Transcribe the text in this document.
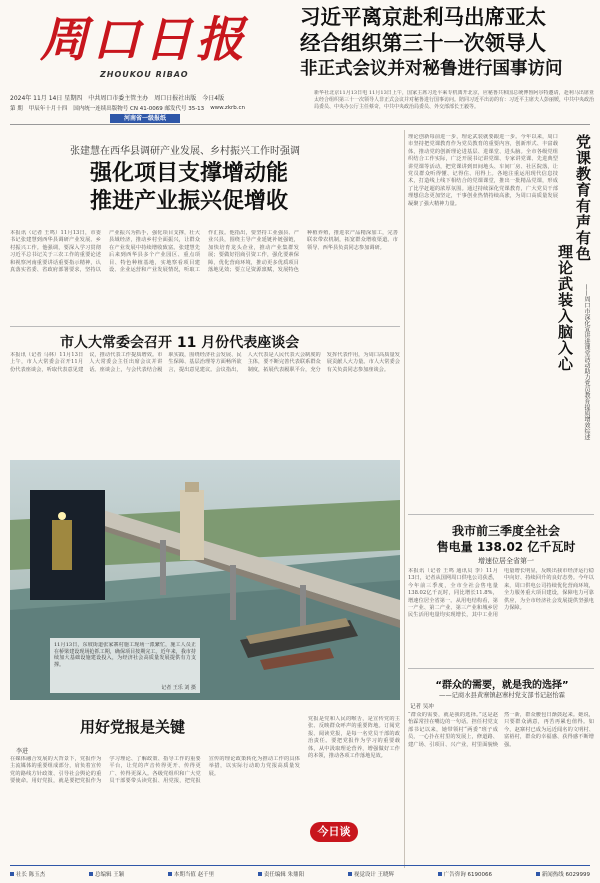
周口日报
ZHOUKOU RIBAO
2024年 11月 14日 星期四 中共周口市委主管主办 周口日报社出版 今日4版
第 期 甲辰年十月十四 国内统一连续出版物号 CN 41-0069 邮发代号 35-13 www.zkrb.cn
河南省一级报纸
习近平离京赴利马出席亚太
经合组织第三十一次领导人
非正式会议并对秘鲁进行国事访问
新华社北京11月13日电 11月13日上午，国家主席习近平乘专机离开北京，应秘鲁共和国总统博鲁阿尔特邀请，赴利马出席亚太经合组织第三十一次领导人非正式会议并对秘鲁进行国事访问。陪同习近平出访的有：习近平主席夫人彭丽媛，中共中央政治局委员、中央办公厅主任蔡奇，中共中央政治局委员、外交部部长王毅等。
张建慧在西华县调研产业发展、乡村振兴工作时强调
强化项目支撑增动能
推进产业振兴促增收
本报讯（记者 王鸣）11月13日，市委书记张建慧到西华县调研产业发展、乡村振兴工作。他强调，要深入学习贯彻习近平总书记关于三农工作的重要论述和视察河南重要讲话重要指示精神，认真落实省委、省政府部署要求，坚持以产业振兴为抓手，强化项目支撑，壮大县域经济，推动乡村全面振兴，让群众在产业发展中持续增收致富。张建慧先后来到西华县多个产业园区、重点项目、特色种植基地，实地察看项目建设、企业运营和产业发展情况，听取工作汇报。他指出，要坚持工业强县、产业兴县，围绕主导产业延链补链强链，加快培育龙头企业，推动产业集群发展；要做好招商引资工作，强化要素保障，优化营商环境，推动更多优质项目落地见效；要立足资源禀赋，发展特色种植养殖，推进农产品精深加工，完善联农带农机制，拓宽群众增收渠道。市领导、西华县负责同志参加调研。
市人大常委会召开 11 月份代表座谈会
本报讯（记者 马林）11月13日上午，市人大常委会召开11月份代表座谈会，听取代表意见建议，推动代表工作提质增效。市人大常委会主任出席会议并讲话。座谈会上，与会代表结合履职实践，围绕经济社会发展、民生保障、基层治理等方面畅所欲言，提出意见建议。会议指出，人大代表是人民代表大会制度的主体，要不断完善代表联系群众制度，拓展代表履职平台，充分发挥代表作用，为周口高质量发展贡献人大力量。市人大常委会有关负责同志参加座谈会。
11月13日，东坡街道张家寨村施工现场一派繁忙，施工人员正在桥梁建设现场抢抓工期，确保项目按期完工。近年来，我市持续加大基础设施建设投入，为经济社会高质量发展提供有力支撑。
记者 王乐 刘 摄
用好党报是关键
李进
在媒体融合发展的大背景下，党报作为主流媒体的重要组成部分，肩负着宣传党的路线方针政策、引导社会舆论的重要使命。用好党报，就是要把党报作为学习理论、了解政策、指导工作的重要平台，让党的声音传得更开、传得更广、传得更深入。各级党组织和广大党员干部要带头读党报、用党报，把党报宣传的理论政策转化为推动工作的具体举措，以实际行动助力党报高质量发展。
党报是党和人民的喉舌，是宣传党的主张、反映群众呼声的重要阵地。订阅党报、阅读党报，是每一名党员干部的政治责任。要把党报作为学习的重要载体，从中汲取理论营养，增强做好工作的本领，推动各项工作落地见效。
今日谈
理论创新每前进一步，理论武装就要跟进一步。今年以来，周口市坚持把党课教育作为党员教育的重要内容，创新形式、丰富载体，推动党的创新理论进基层、进课堂、进头脑。全市各级党组织结合工作实际，广泛开展书记讲党课、专家讲党课、先进典型讲党课等活动，把党课讲到田间地头、车间厂房、社区院落，让党员群众听得懂、记得住、用得上。各地注重运用现代信息技术，打造线上线下相结合的党课课堂，推出一批精品党课，形成了比学赶超的浓厚氛围。通过持续深化党课教育，广大党员干部理想信念更加坚定，干事创业热情持续高涨，为周口高质量发展凝聚了强大精神力量。	党课教育有声有色
理论武装入脑入心	——周口市深化宣讲进课堂活动助力党员教育提质增效综述
我市前三季度全社会
售电量 138.02 亿千瓦时
增速位居全省第一
本报讯（记者 王鸣 通讯员 李）11月13日，记者从国网周口供电公司获悉，今年前三季度，全市全社会售电量138.02亿千瓦时，同比增长11.8%，增速位居全省第一。从用电结构看，第一产业、第二产业、第三产业和城乡居民生活用电量均实现增长，其中工业用电量增长明显，反映出我市经济运行稳中向好、持续回升的良好态势。今年以来，周口供电公司持续优化营商环境，全力服务重大项目建设，保障电力可靠供应，为全市经济社会发展提供坚强电力保障。
“群众的需要，就是我的选择”
——记商水县黄寨镇赵寨村党支部书记赵怡霖
记者 吴冲
“群众的需要，就是我的选择。”这是赵怡霖常挂在嘴边的一句话。担任村党支部书记以来，她带领村“两委”班子成员，一心扑在村里的发展上，修道路、建广场、引项目、兴产业，村里面貌焕然一新，群众腰包日渐鼓起来。她说，只要群众满意，再苦再累也值得。如今，赵寨村已成为远近闻名的文明村、富裕村，群众的幸福感、获得感不断增强。
社长 陈玉杰	总编辑 王颖	本期当值 赵千里	责任编辑 朱鼎阳	视觉设计 王晓辉	广告咨询 6190066	新闻热线 6029999
